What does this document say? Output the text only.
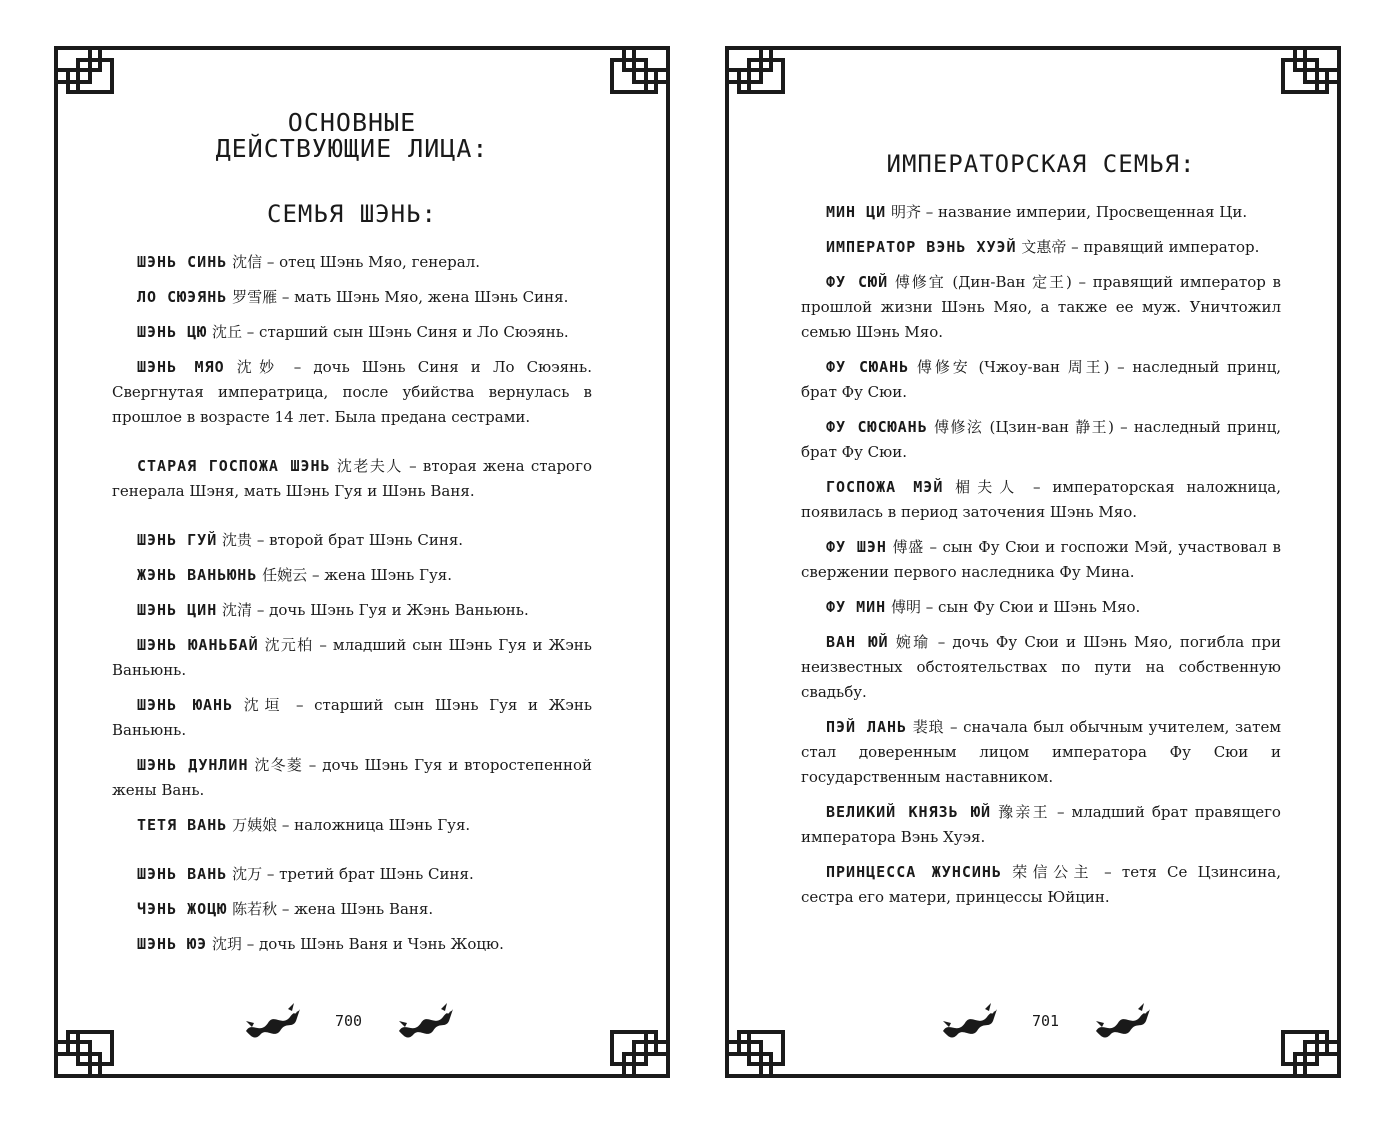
ОСНОВНЫЕ
ДЕЙСТВУЮЩИЕ ЛИЦА:
СЕМЬЯ ШЭНЬ:

ШЭНЬ СИНЬ 沈信 – отец Шэнь Мяо, генерал.

ЛО СЮЭЯНЬ 罗雪雁 – мать Шэнь Мяо, жена Шэнь Синя.

ШЭНЬ ЦЮ 沈丘 – старший сын Шэнь Синя и Ло Сюэянь.

ШЭНЬ МЯО 沈妙 – дочь Шэнь Синя и Ло Сюэянь. Свергнутая императрица, после убийства вернулась в прошлое в возрасте 14 лет. Была предана сестрами.

СТАРАЯ ГОСПОЖА ШЭНЬ 沈老夫人 – вторая жена старого генерала Шэня, мать Шэнь Гуя и Шэнь Ваня.

ШЭНЬ ГУЙ 沈贵 – второй брат Шэнь Синя.

ЖЭНЬ ВАНЬЮНЬ 任婉云 – жена Шэнь Гуя.

ШЭНЬ ЦИН 沈清 – дочь Шэнь Гуя и Жэнь Ваньюнь.

ШЭНЬ ЮАНЬБАЙ 沈元柏 – младший сын Шэнь Гуя и Жэнь Ваньюнь.

ШЭНЬ ЮАНЬ 沈垣 – старший сын Шэнь Гуя и Жэнь Ваньюнь.

ШЭНЬ ДУНЛИН 沈冬菱 – дочь Шэнь Гуя и второстепенной жены Вань.

ТЕТЯ ВАНЬ 万姨娘 – наложница Шэнь Гуя.

ШЭНЬ ВАНЬ 沈万 – третий брат Шэнь Синя.

ЧЭНЬ ЖОЦЮ 陈若秋 – жена Шэнь Ваня.

ШЭНЬ ЮЭ 沈玥 – дочь Шэнь Ваня и Чэнь Жоцю.

700
ИМПЕРАТОРСКАЯ СЕМЬЯ:

МИН ЦИ 明齐 – название империи, Просвещенная Ци.

ИМПЕРАТОР ВЭНЬ ХУЭЙ 文惠帝 – правящий император.

ФУ СЮЙ 傅修宜 (Дин-Ван 定王) – правящий император в прошлой жизни Шэнь Мяо, а также ее муж. Уничтожил семью Шэнь Мяо.

ФУ СЮАНЬ 傅修安 (Чжоу-ван 周王) – наследный принц, брат Фу Сюи.

ФУ СЮСЮАНЬ 傅修泫 (Цзин-ван 静王) – наследный принц, брат Фу Сюи.

ГОСПОЖА МЭЙ 楣夫人 – императорская наложница, появилась в период заточения Шэнь Мяо.

ФУ ШЭН 傅盛 – сын Фу Сюи и госпожи Мэй, участвовал в свержении первого наследника Фу Мина.

ФУ МИН 傅明 – сын Фу Сюи и Шэнь Мяо.

ВАН ЮЙ 婉瑜 – дочь Фу Сюи и Шэнь Мяо, погибла при неизвестных обстоятельствах по пути на собственную свадьбу.

ПЭЙ ЛАНЬ 裴琅 – сначала был обычным учителем, затем стал доверенным лицом императора Фу Сюи и государственным наставником.

ВЕЛИКИЙ КНЯЗЬ ЮЙ 豫亲王 – младший брат правящего императора Вэнь Хуэя.

ПРИНЦЕССА ЖУНСИНЬ 荣信公主 – тетя Се Цзинсина, сестра его матери, принцессы Юйцин.

701
